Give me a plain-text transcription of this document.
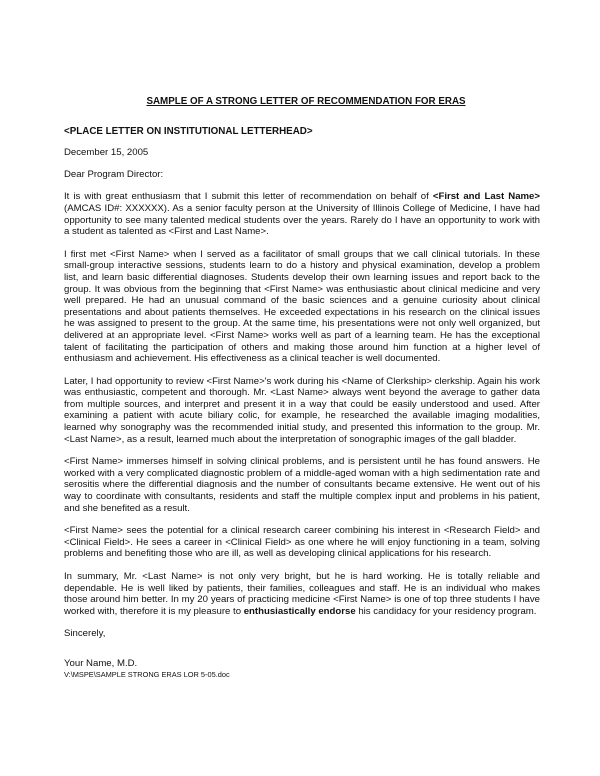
SAMPLE OF A STRONG LETTER OF RECOMMENDATION FOR ERAS
<PLACE LETTER ON INSTITUTIONAL LETTERHEAD>
December 15, 2005
Dear Program Director:

It is with great enthusiasm that I submit this letter of recommendation on behalf of <First and Last Name> (AMCAS ID#: XXXXXX). As a senior faculty person at the University of Illinois College of Medicine, I have had opportunity to see many talented medical students over the years. Rarely do I have an opportunity to work with a student as talented as <First and Last Name>.

I first met <First Name> when I served as a facilitator of small groups that we call clinical tutorials. In these small-group interactive sessions, students learn to do a history and physical examination, develop a problem list, and learn basic differential diagnoses. Students develop their own learning issues and report back to the group. It was obvious from the beginning that <First Name> was enthusiastic about clinical medicine and very well prepared. He had an unusual command of the basic sciences and a genuine curiosity about clinical presentations and about patients themselves. He exceeded expectations in his research on the clinical issues he was assigned to present to the group. At the same time, his presentations were not only well organized, but delivered at an appropriate level. <First Name> works well as part of a learning team. He has the exceptional talent of facilitating the participation of others and making those around him function at a higher level of enthusiasm and achievement. His effectiveness as a clinical teacher is well documented.

Later, I had opportunity to review <First Name>'s work during his <Name of Clerkship> clerkship. Again his work was enthusiastic, competent and thorough. Mr. <Last Name> always went beyond the average to gather data from multiple sources, and interpret and present it in a way that could be easily understood and used. After examining a patient with acute biliary colic, for example, he researched the available imaging modalities, learned why sonography was the recommended initial study, and presented this information to the group. Mr. <Last Name>, as a result, learned much about the interpretation of sonographic images of the gall bladder.

<First Name> immerses himself in solving clinical problems, and is persistent until he has found answers. He worked with a very complicated diagnostic problem of a middle-aged woman with a high sedimentation rate and serositis where the differential diagnosis and the number of consultants became extensive. He went out of his way to coordinate with consultants, residents and staff the multiple complex input and problems in his patient, and she benefited as a result.

<First Name> sees the potential for a clinical research career combining his interest in <Research Field> and <Clinical Field>. He sees a career in <Clinical Field> as one where he will enjoy functioning in a team, solving problems and benefiting those who are ill, as well as developing clinical applications for his research.

In summary, Mr. <Last Name> is not only very bright, but he is hard working. He is totally reliable and dependable. He is well liked by patients, their families, colleagues and staff. He is an individual who makes those around him better. In my 20 years of practicing medicine <First Name> is one of top three students I have worked with, therefore it is my pleasure to enthusiastically endorse his candidacy for your residency program.

Sincerely,
Your Name, M.D.
V:\MSPE\SAMPLE STRONG ERAS LOR 5-05.doc
